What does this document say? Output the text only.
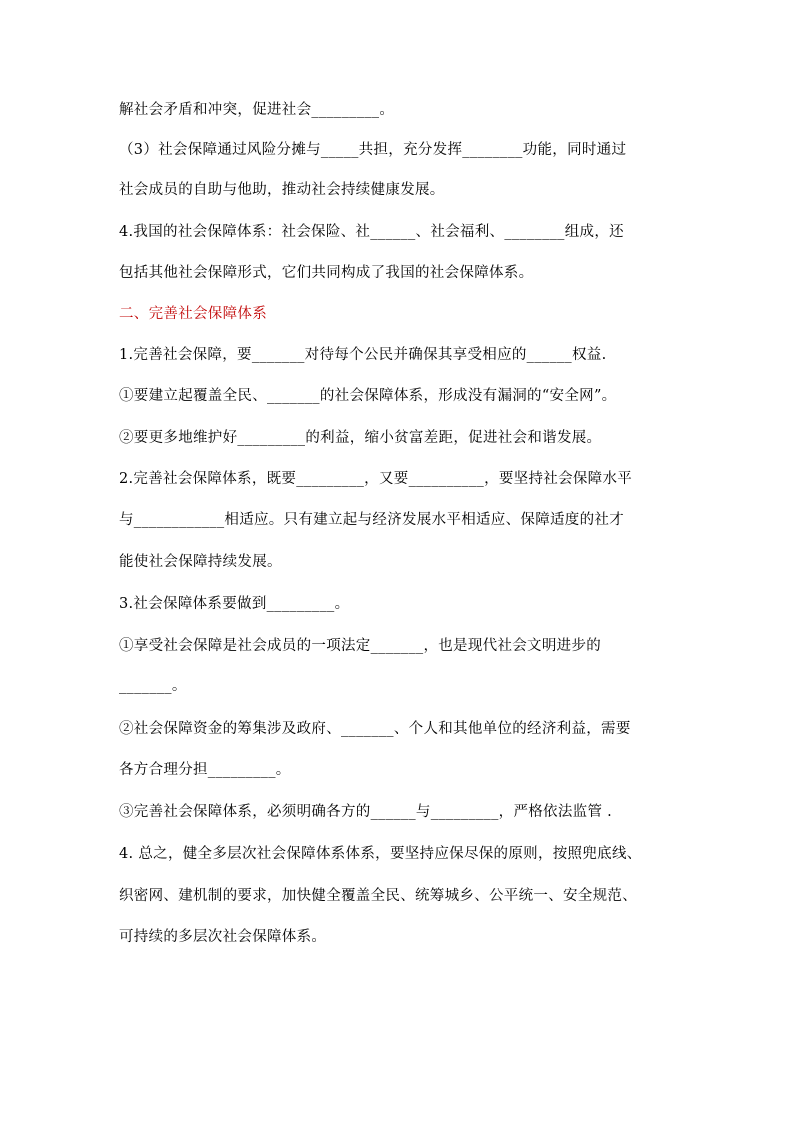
解社会矛盾和冲突，促进社会_________。
（3）社会保障通过风险分摊与_____共担，充分发挥________功能，同时通过
社会成员的自助与他助，推动社会持续健康发展。
4.我国的社会保障体系：社会保险、社______、社会福利、________组成，还
包括其他社会保障形式，它们共同构成了我国的社会保障体系。
二、完善社会保障体系
1.完善社会保障，要_______对待每个公民并确保其享受相应的______权益.
①要建立起覆盖全民、_______的社会保障体系，形成没有漏洞的“安全网”。
②要更多地维护好_________的利益，缩小贫富差距，促进社会和谐发展。
2.完善社会保障体系，既要_________，又要__________，要坚持社会保障水平
与____________相适应。只有建立起与经济发展水平相适应、保障适度的社才
能使社会保障持续发展。
3.社会保障体系要做到_________。
①享受社会保障是社会成员的一项法定_______，也是现代社会文明进步的
_______。
②社会保障资金的筹集涉及政府、_______、个人和其他单位的经济利益，需要
各方合理分担_________。
③完善社会保障体系，必须明确各方的______与_________，严格依法监管 .
4. 总之，健全多层次社会保障体系体系，要坚持应保尽保的原则，按照兜底线、
织密网、建机制的要求，加快健全覆盖全民、统筹城乡、公平统一、安全规范、
可持续的多层次社会保障体系。
